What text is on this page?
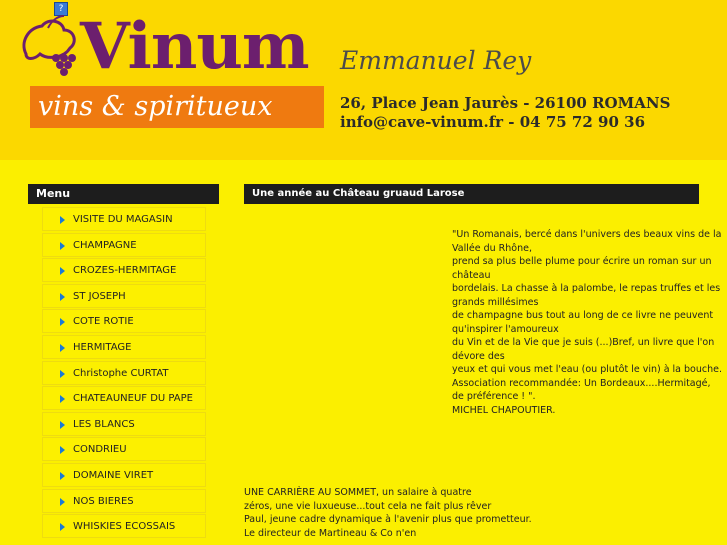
? Vinum
vins & spiritueux
Emmanuel Rey
26, Place Jean Jaurès - 26100 ROMANS
info@cave-vinum.fr - 04 75 72 90 36
Menu
VISITE DU MAGASIN
CHAMPAGNE
CROZES-HERMITAGE
ST JOSEPH
COTE ROTIE
HERMITAGE
Christophe CURTAT
CHATEAUNEUF DU PAPE
LES BLANCS
CONDRIEU
DOMAINE VIRET
NOS BIERES
WHISKIES ECOSSAIS
Une année au Château gruaud Larose
"Un Romanais, bercé dans l'univers des beaux vins de la
Vallée du Rhône,
prend sa plus belle plume pour écrire un roman sur un
château
bordelais. La chasse à la palombe, le repas truffes et les
grands millésimes
de champagne bus tout au long de ce livre ne peuvent
qu'inspirer l'amoureux
du Vin et de la Vie que je suis (...)Bref, un livre que l'on
dévore des
yeux et qui vous met l'eau (ou plutôt le vin) à la bouche.
Association recommandée: Un Bordeaux....Hermitagé,
de préférence ! ".
MICHEL CHAPOUTIER.
UNE CARRIÈRE AU SOMMET, un salaire à quatre
zéros, une vie luxueuse...tout cela ne fait plus rêver
Paul, jeune cadre dynamique à l'avenir plus que prometteur.
Le directeur de Martineau & Co n'en
